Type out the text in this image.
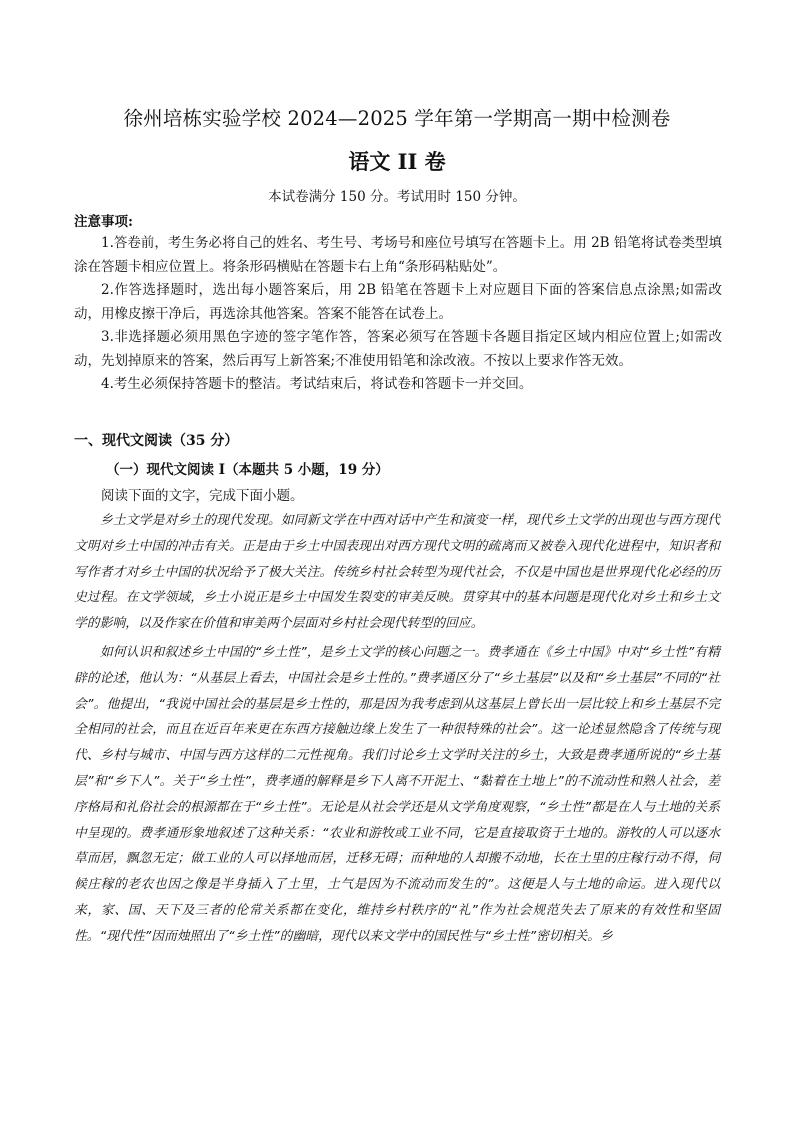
徐州培栋实验学校 2024—2025 学年第一学期高一期中检测卷
语文 II 卷
本试卷满分 150 分。考试用时 150 分钟。
注意事项:

1.答卷前，考生务必将自己的姓名、考生号、考场号和座位号填写在答题卡上。用 2B 铅笔将试卷类型填涂在答题卡相应位置上。将条形码横贴在答题卡右上角“条形码粘贴处”。

2.作答选择题时，选出每小题答案后，用 2B 铅笔在答题卡上对应题目下面的答案信息点涂黑;如需改动，用橡皮擦干净后，再选涂其他答案。答案不能答在试卷上。

3.非选择题必须用黑色字迹的签字笔作答，答案必须写在答题卡各题目指定区域内相应位置上;如需改动，先划掉原来的答案，然后再写上新答案;不准使用铅笔和涂改液。不按以上要求作答无效。

4.考生必须保持答题卡的整洁。考试结束后，将试卷和答题卡一并交回。

一、现代文阅读（35 分）
（一）现代文阅读 I（本题共 5 小题，19 分）
阅读下面的文字，完成下面小题。

乡土文学是对乡土的现代发现。如同新文学在中西对话中产生和演变一样，现代乡土文学的出现也与西方现代文明对乡土中国的冲击有关。正是由于乡土中国表现出对西方现代文明的疏离而又被卷入现代化进程中，知识者和写作者才对乡土中国的状况给予了极大关注。传统乡村社会转型为现代社会，不仅是中国也是世界现代化必经的历史过程。在文学领域，乡土小说正是乡土中国发生裂变的审美反映。贯穿其中的基本问题是现代化对乡土和乡土文学的影响，以及作家在价值和审美两个层面对乡村社会现代转型的回应。

如何认识和叙述乡土中国的“乡土性”，是乡土文学的核心问题之一。费孝通在《乡土中国》中对“乡土性”有精辟的论述，他认为：“从基层上看去，中国社会是乡土性的。”费孝通区分了“乡土基层”以及和“乡土基层”不同的“社会”。他提出，“我说中国社会的基层是乡土性的，那是因为我考虑到从这基层上曾长出一层比较上和乡土基层不完全相同的社会，而且在近百年来更在东西方接触边缘上发生了一种很特殊的社会”。这一论述显然隐含了传统与现代、乡村与城市、中国与西方这样的二元性视角。我们讨论乡土文学时关注的乡土，大致是费孝通所说的“乡土基层”和“乡下人”。关于“乡土性”，费孝通的解释是乡下人离不开泥土、“黏着在土地上”的不流动性和熟人社会，差序格局和礼俗社会的根源都在于“乡土性”。无论是从社会学还是从文学角度观察，“乡土性”都是在人与土地的关系中呈现的。费孝通形象地叙述了这种关系：“农业和游牧或工业不同，它是直接取资于土地的。游牧的人可以逐水草而居，飘忽无定；做工业的人可以择地而居，迁移无碍；而种地的人却搬不动地，长在土里的庄稼行动不得，伺候庄稼的老农也因之像是半身插入了土里，土气是因为不流动而发生的”。这便是人与土地的命运。进入现代以来，家、国、天下及三者的伦常关系都在变化，维持乡村秩序的“礼”作为社会规范失去了原来的有效性和坚固性。“现代性”因而烛照出了“乡土性”的幽暗，现代以来文学中的国民性与“乡土性”密切相关。乡
